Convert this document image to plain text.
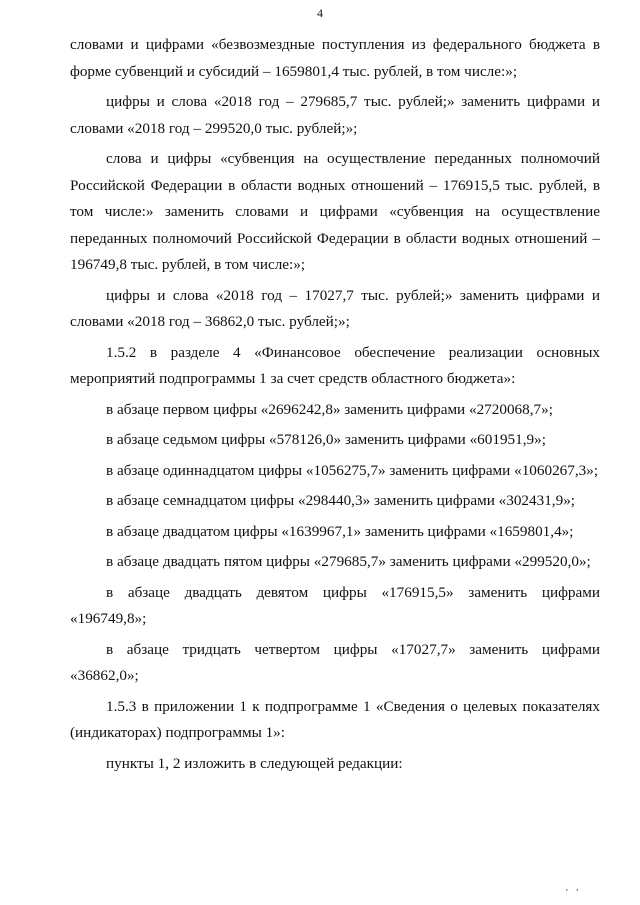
4

словами и цифрами «безвозмездные поступления из федерального бюджета в форме субвенций и субсидий – 1659801,4 тыс. рублей, в том числе:»;

цифры и слова «2018 год – 279685,7 тыс. рублей;» заменить цифрами и словами «2018 год – 299520,0 тыс. рублей;»;

слова и цифры «субвенция на осуществление переданных полномочий Российской Федерации в области водных отношений – 176915,5 тыс. рублей, в том числе:» заменить словами и цифрами «субвенция на осуществление переданных полномочий Российской Федерации в области водных отношений – 196749,8 тыс. рублей, в том числе:»;

цифры и слова «2018 год – 17027,7 тыс. рублей;» заменить цифрами и словами «2018 год – 36862,0 тыс. рублей;»;

1.5.2 в разделе 4 «Финансовое обеспечение реализации основных мероприятий подпрограммы 1 за счет средств областного бюджета»:

в абзаце первом цифры «2696242,8» заменить цифрами «2720068,7»;

в абзаце седьмом цифры «578126,0» заменить цифрами «601951,9»;

в абзаце одиннадцатом цифры «1056275,7» заменить цифрами «1060267,3»;

в абзаце семнадцатом цифры «298440,3» заменить цифрами «302431,9»;

в абзаце двадцатом цифры «1639967,1» заменить цифрами «1659801,4»;

в абзаце двадцать пятом цифры «279685,7» заменить цифрами «299520,0»;

в абзаце двадцать девятом цифры «176915,5» заменить цифрами «196749,8»;

в абзаце тридцать четвертом цифры «17027,7» заменить цифрами «36862,0»;

1.5.3 в приложении 1 к подпрограмме 1 «Сведения о целевых показателях (индикаторах) подпрограммы 1»:

пункты 1, 2 изложить в следующей редакции:

' '
